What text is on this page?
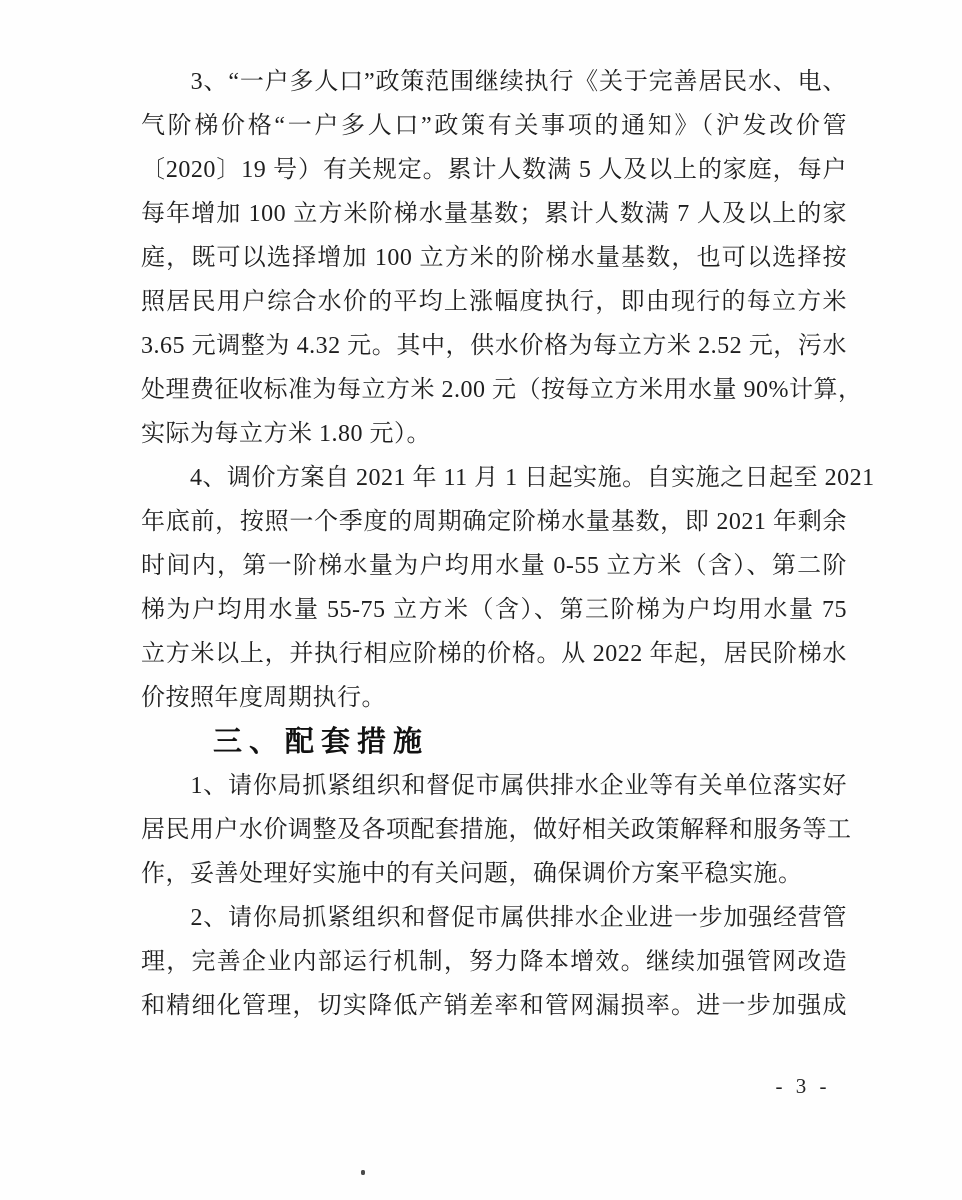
　　3、“一户多人口”政策范围继续执行《关于完善居民水、电、
气阶梯价格“一户多人口”政策有关事项的通知》（沪发改价管
〔2020〕19 号）有关规定。累计人数满 5 人及以上的家庭，每户
每年增加 100 立方米阶梯水量基数；累计人数满 7 人及以上的家
庭，既可以选择增加 100 立方米的阶梯水量基数，也可以选择按
照居民用户综合水价的平均上涨幅度执行，即由现行的每立方米
3.65 元调整为 4.32 元。其中，供水价格为每立方米 2.52 元，污水
处理费征收标准为每立方米 2.00 元（按每立方米用水量 90%计算，
实际为每立方米 1.80 元）。
　　4、调价方案自 2021 年 11 月 1 日起实施。自实施之日起至 2021
年底前，按照一个季度的周期确定阶梯水量基数，即 2021 年剩余
时间内，第一阶梯水量为户均用水量 0-55 立方米（含）、第二阶
梯为户均用水量 55-75 立方米（含）、第三阶梯为户均用水量 75
立方米以上，并执行相应阶梯的价格。从 2022 年起，居民阶梯水
价按照年度周期执行。
　　三、配套措施
　　1、请你局抓紧组织和督促市属供排水企业等有关单位落实好
居民用户水价调整及各项配套措施，做好相关政策解释和服务等工
作，妥善处理好实施中的有关问题，确保调价方案平稳实施。
　　2、请你局抓紧组织和督促市属供排水企业进一步加强经营管
理，完善企业内部运行机制，努力降本增效。继续加强管网改造
和精细化管理，切实降低产销差率和管网漏损率。进一步加强成
- 3 -
